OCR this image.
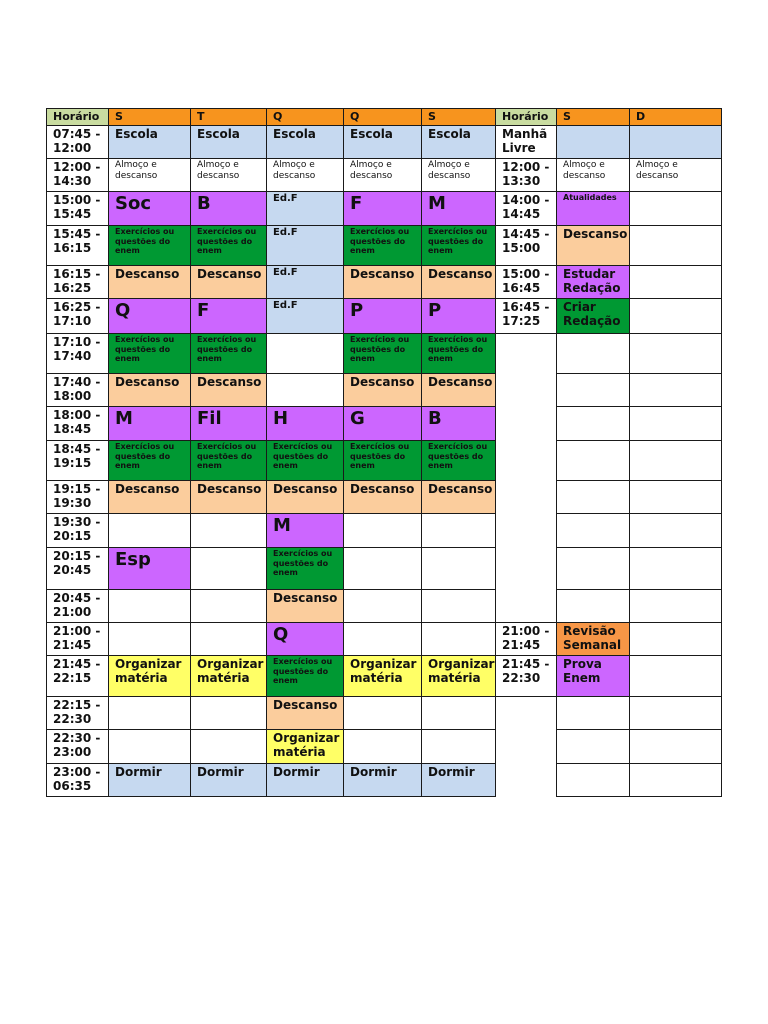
Horário	S	T	Q	Q	S	Horário	S	D
07:45 - 12:00	Escola	Escola	Escola	Escola	Escola	Manhã Livre		
12:00 - 14:30	Almoço e descanso	Almoço e descanso	Almoço e descanso	Almoço e descanso	Almoço e descanso	12:00 - 13:30	Almoço e descanso	Almoço e descanso
15:00 - 15:45	Soc	B	Ed.F	F	M	14:00 - 14:45	Atualidades	
15:45 - 16:15	Exercícios ou questões do enem	Exercícios ou questões do enem	Ed.F	Exercícios ou questões do enem	Exercícios ou questões do enem	14:45 - 15:00	Descanso	
16:15 - 16:25	Descanso	Descanso	Ed.F	Descanso	Descanso	15:00 - 16:45	Estudar Redação	
16:25 - 17:10	Q	F	Ed.F	P	P	16:45 - 17:25	Criar Redação	
17:10 - 17:40	Exercícios ou questões do enem	Exercícios ou questões do enem		Exercícios ou questões do enem	Exercícios ou questões do enem			
17:40 - 18:00	Descanso	Descanso		Descanso	Descanso			
18:00 - 18:45	M	Fil	H	G	B			
18:45 - 19:15	Exercícios ou questões do enem	Exercícios ou questões do enem	Exercícios ou questões do enem	Exercícios ou questões do enem	Exercícios ou questões do enem			
19:15 - 19:30	Descanso	Descanso	Descanso	Descanso	Descanso			
19:30 - 20:15			M					
20:15 - 20:45	Esp		Exercícios ou questões do enem					
20:45 - 21:00			Descanso					
21:00 - 21:45			Q			21:00 - 21:45	Revisão Semanal	
21:45 - 22:15	Organizar matéria	Organizar matéria	Exercícios ou questões do enem	Organizar matéria	Organizar matéria	21:45 - 22:30	Prova Enem	
22:15 - 22:30			Descanso					
22:30 - 23:00			Organizar matéria					
23:00 - 06:35	Dormir	Dormir	Dormir	Dormir	Dormir			
